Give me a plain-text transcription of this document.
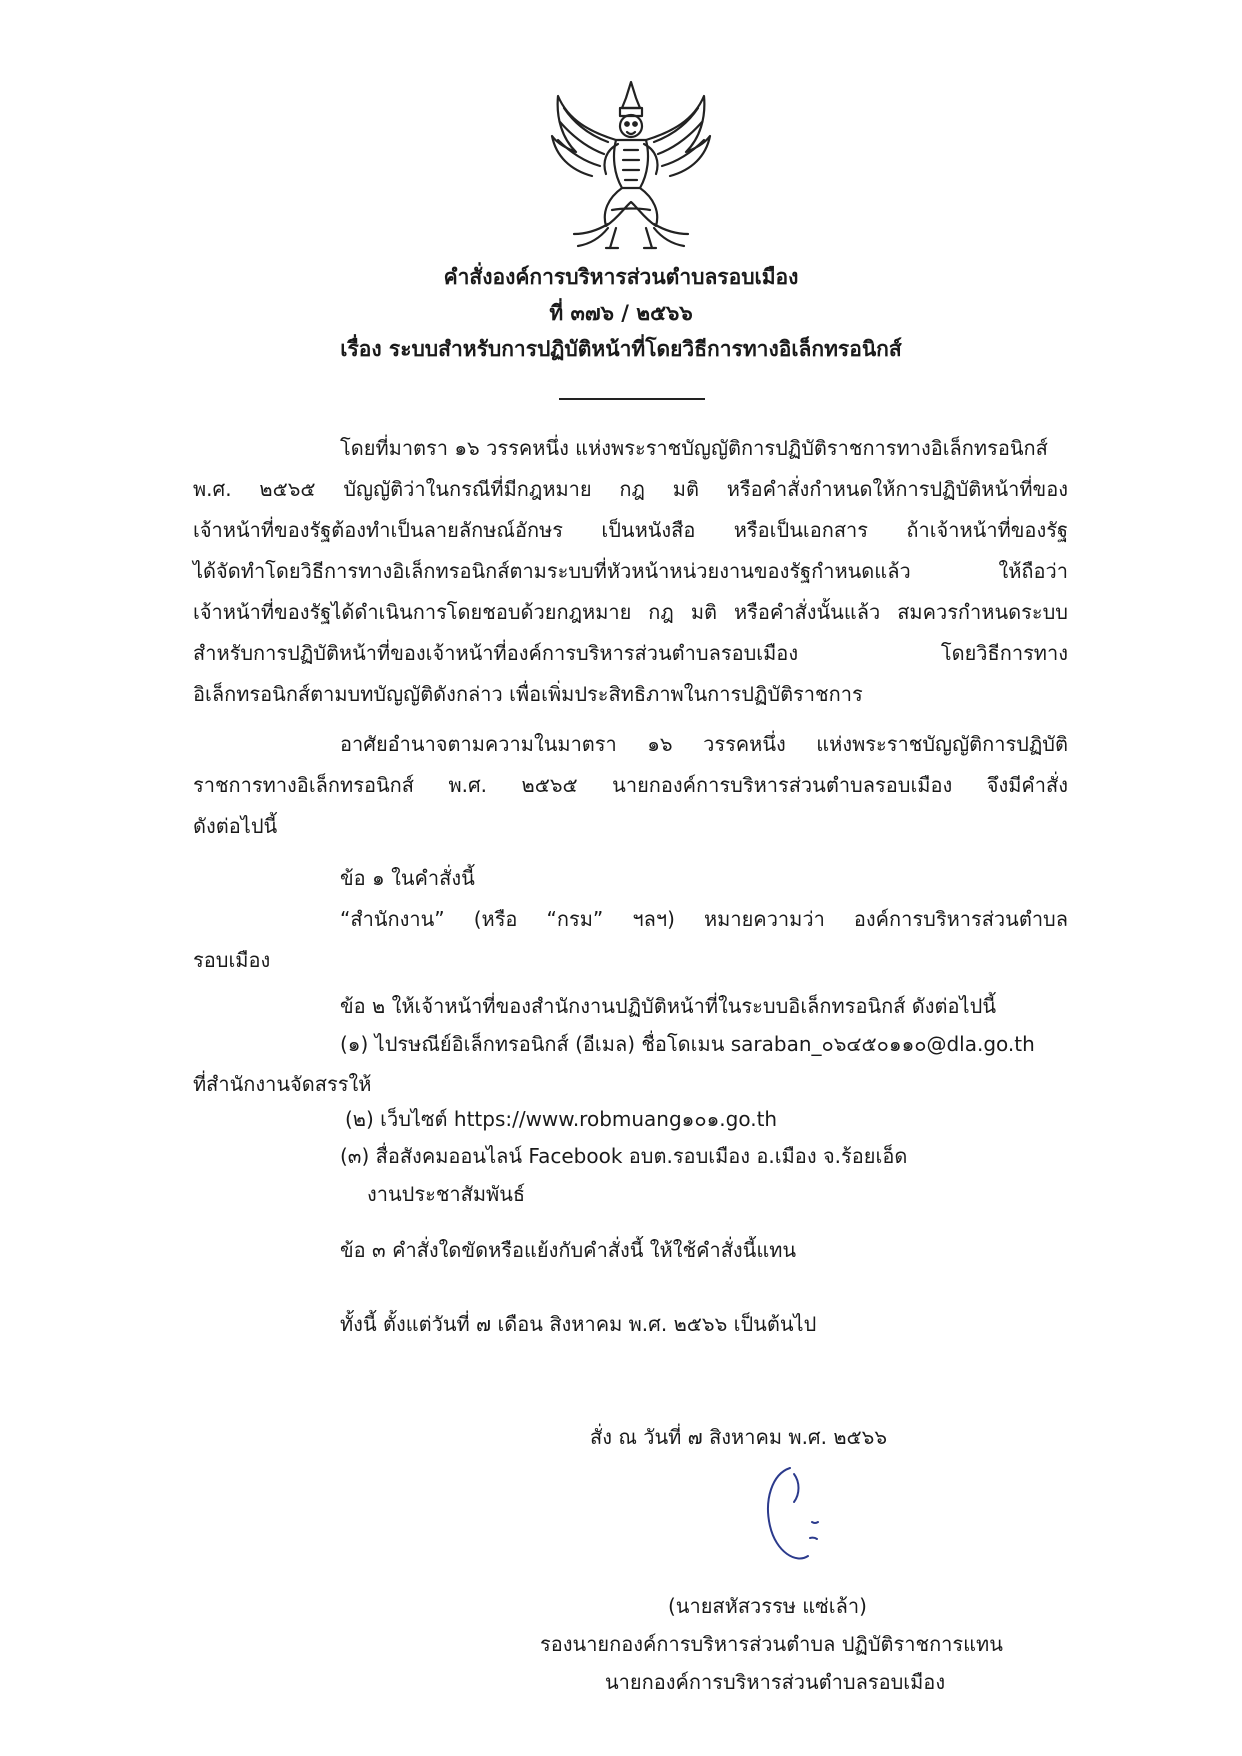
คำสั่งองค์การบริหารส่วนตำบลรอบเมือง
ที่ ๓๗๖ / ๒๕๖๖
เรื่อง ระบบสำหรับการปฏิบัติหน้าที่โดยวิธีการทางอิเล็กทรอนิกส์
โดยที่มาตรา ๑๖ วรรคหนึ่ง แห่งพระราชบัญญัติการปฏิบัติราชการทางอิเล็กทรอนิกส์
พ.ศ. ๒๕๖๕ บัญญัติว่าในกรณีที่มีกฎหมาย กฎ มติ หรือคำสั่งกำหนดให้การปฏิบัติหน้าที่ของ
เจ้าหน้าที่ของรัฐต้องทำเป็นลายลักษณ์อักษร เป็นหนังสือ หรือเป็นเอกสาร ถ้าเจ้าหน้าที่ของรัฐ
ได้จัดทำโดยวิธีการทางอิเล็กทรอนิกส์ตามระบบที่หัวหน้าหน่วยงานของรัฐกำหนดแล้ว ให้ถือว่า
เจ้าหน้าที่ของรัฐได้ดำเนินการโดยชอบด้วยกฎหมาย กฎ มติ หรือคำสั่งนั้นแล้ว สมควรกำหนดระบบ
สำหรับการปฏิบัติหน้าที่ของเจ้าหน้าที่องค์การบริหารส่วนตำบลรอบเมือง โดยวิธีการทาง
อิเล็กทรอนิกส์ตามบทบัญญัติดังกล่าว เพื่อเพิ่มประสิทธิภาพในการปฏิบัติราชการ
อาศัยอำนาจตามความในมาตรา ๑๖ วรรคหนึ่ง แห่งพระราชบัญญัติการปฏิบัติ
ราชการทางอิเล็กทรอนิกส์ พ.ศ. ๒๕๖๕ นายกองค์การบริหารส่วนตำบลรอบเมือง จึงมีคำสั่ง
ดังต่อไปนี้
ข้อ ๑ ในคำสั่งนี้
“สำนักงาน” (หรือ “กรม” ฯลฯ) หมายความว่า องค์การบริหารส่วนตำบล
รอบเมือง
ข้อ ๒ ให้เจ้าหน้าที่ของสำนักงานปฏิบัติหน้าที่ในระบบอิเล็กทรอนิกส์ ดังต่อไปนี้
(๑) ไปรษณีย์อิเล็กทรอนิกส์ (อีเมล) ชื่อโดเมน saraban_๐๖๔๕๐๑๑๐@dla.go.th
ที่สำนักงานจัดสรรให้
(๒) เว็บไซต์ https://www.robmuang๑๐๑.go.th
(๓) สื่อสังคมออนไลน์ Facebook อบต.รอบเมือง อ.เมือง จ.ร้อยเอ็ด
งานประชาสัมพันธ์
ข้อ ๓ คำสั่งใดขัดหรือแย้งกับคำสั่งนี้ ให้ใช้คำสั่งนี้แทน
ทั้งนี้ ตั้งแต่วันที่ ๗ เดือน สิงหาคม พ.ศ. ๒๕๖๖ เป็นต้นไป
สั่ง ณ วันที่ ๗ สิงหาคม พ.ศ. ๒๕๖๖
(นายสหัสวรรษ แซ่เล้า)
รองนายกองค์การบริหารส่วนตำบล ปฏิบัติราชการแทน
นายกองค์การบริหารส่วนตำบลรอบเมือง
